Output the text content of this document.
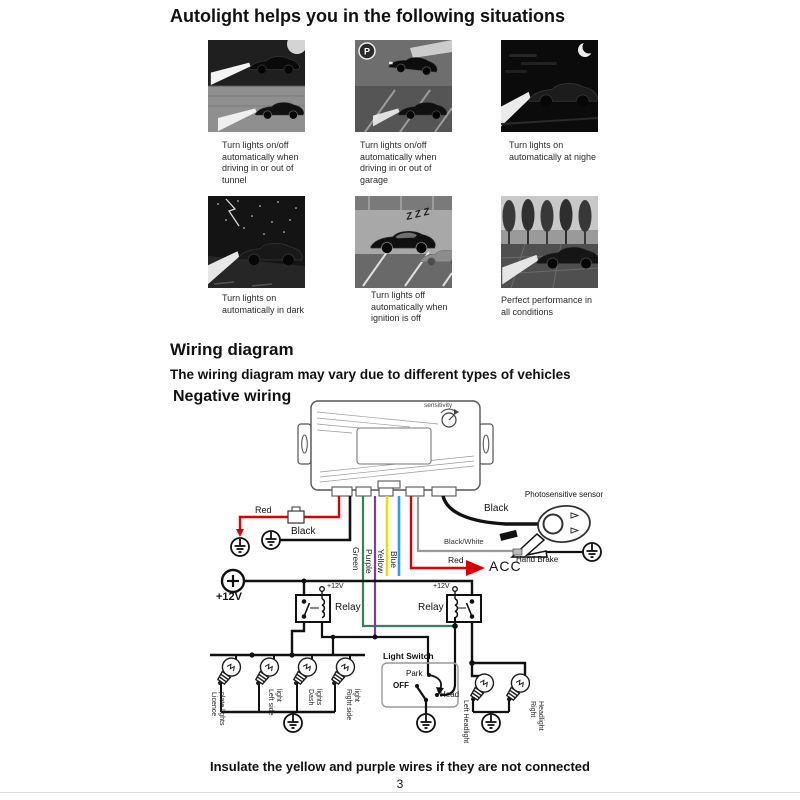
Autolight helps you in the following situations
P
Turn lights on/off automatically when driving in or out of tunnel
Turn lights on/off automatically when driving in or out of garage
Turn lights on automatically at nighe
Z Z Z
Turn lights on automatically in dark
Turn lights off automatically when ignition is off
Perfect performance in all conditions
Wiring diagram
The wiring diagram may vary due to different types of vehicles
Negative wiring
sensitivity
Red
Black
Green Purple Yellow Blue
Black
Photosensitive sensor
Black/White
Red ACC
Hand Brake
+12V
+12V	+12V
Relay	Relay
Light Switch
Park
OFF
Head
Licence plate lights	Left side light	Dash lights	Right side light
Left Headlight	Right Headlight
Insulate the yellow and purple wires if they are not connected
3
